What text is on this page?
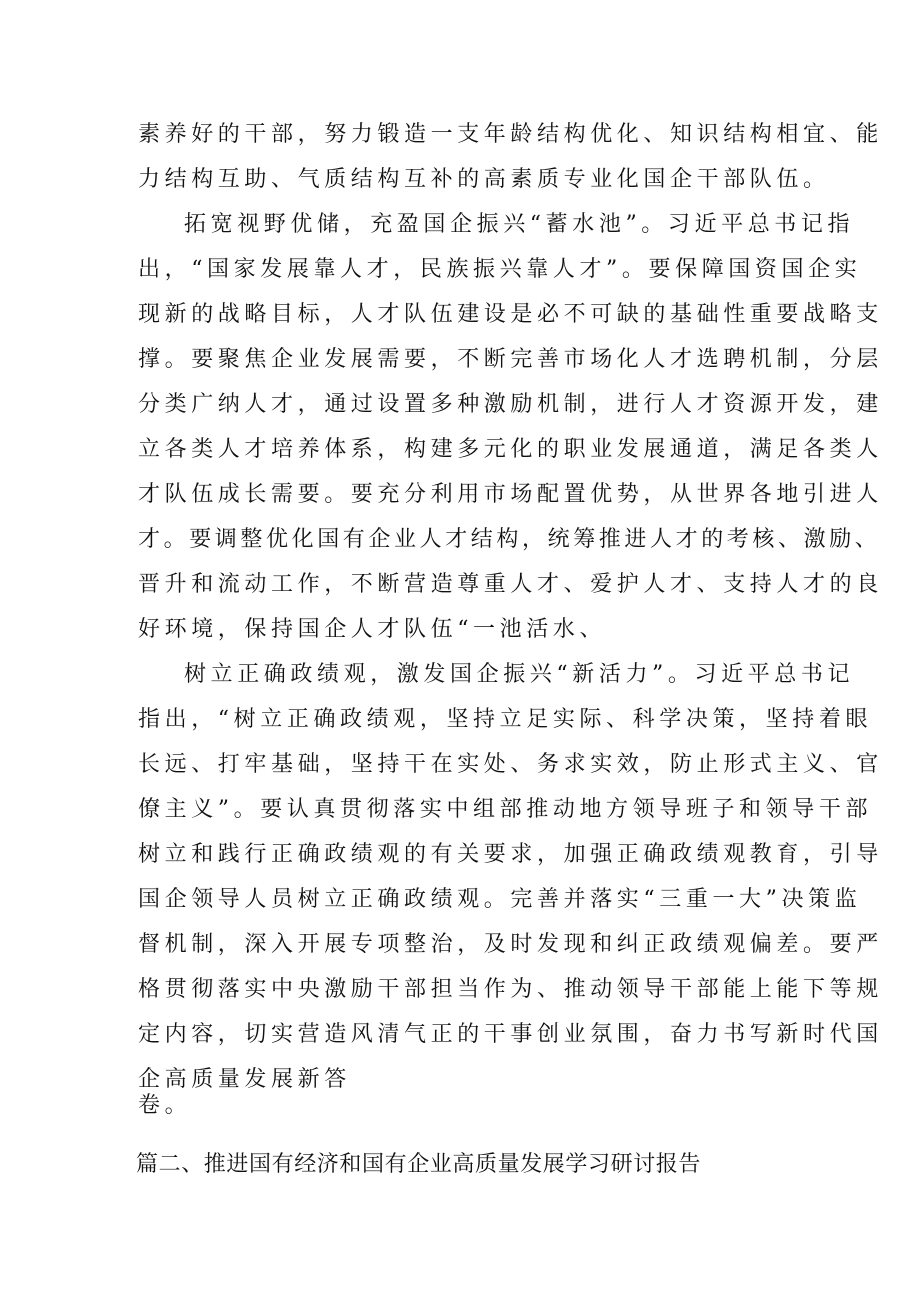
素养好的干部，努力锻造一支年龄结构优化、知识结构相宜、能
力结构互助、气质结构互补的高素质专业化国企干部队伍。
拓宽视野优储，充盈国企振兴“蓄水池”。习近平总书记指
出，“国家发展靠人才，民族振兴靠人才”。要保障国资国企实
现新的战略目标，人才队伍建设是必不可缺的基础性重要战略支
撑。要聚焦企业发展需要，不断完善市场化人才选聘机制，分层
分类广纳人才，通过设置多种激励机制，进行人才资源开发，建
立各类人才培养体系，构建多元化的职业发展通道，满足各类人
才队伍成长需要。要充分利用市场配置优势，从世界各地引进人
才。要调整优化国有企业人才结构，统筹推进人才的考核、激励、
晋升和流动工作，不断营造尊重人才、爱护人才、支持人才的良
好环境，保持国企人才队伍“一池活水、
树立正确政绩观，激发国企振兴“新活力”。习近平总书记
指出，“树立正确政绩观，坚持立足实际、科学决策，坚持着眼
长远、打牢基础，坚持干在实处、务求实效，防止形式主义、官
僚主义”。要认真贯彻落实中组部推动地方领导班子和领导干部
树立和践行正确政绩观的有关要求，加强正确政绩观教育，引导
国企领导人员树立正确政绩观。完善并落实“三重一大”决策监
督机制，深入开展专项整治，及时发现和纠正政绩观偏差。要严
格贯彻落实中央激励干部担当作为、推动领导干部能上能下等规
定内容，切实营造风清气正的干事创业氛围，奋力书写新时代国
企高质量发展新答
卷。
篇二、推进国有经济和国有企业高质量发展学习研讨报告
